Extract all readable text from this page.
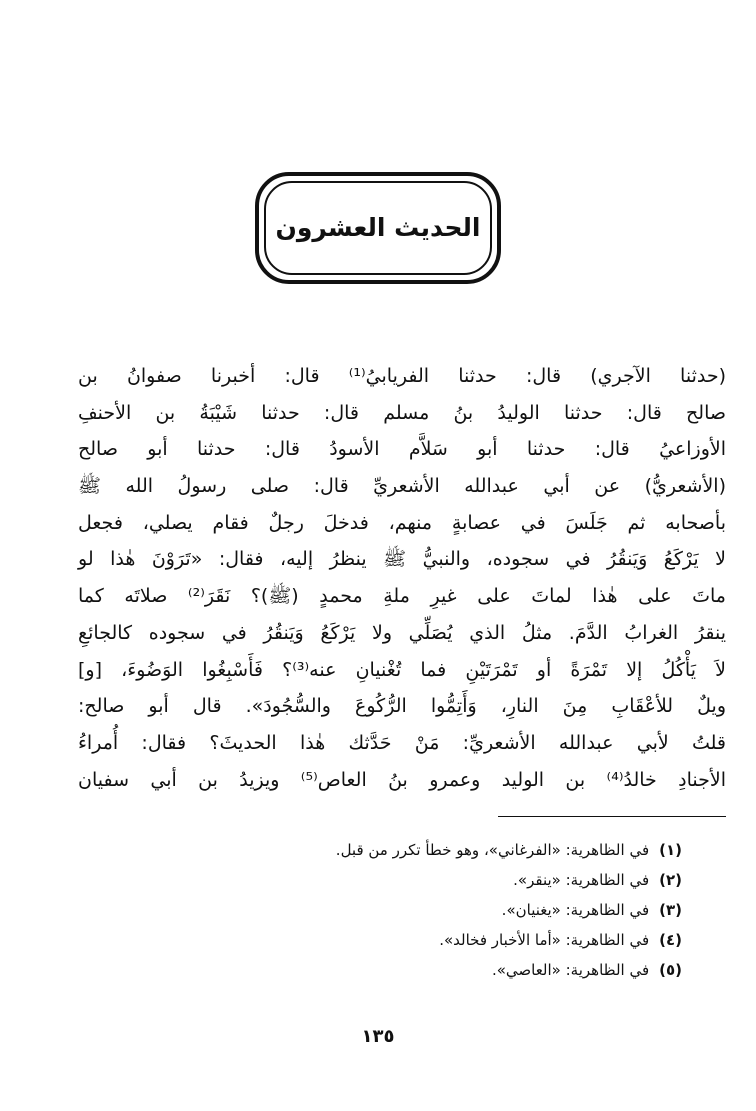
الحديث العشرون
(حدثنا الآجري) قال: حدثنا الفريابيُ⁽¹⁾ قال: أخبرنا صفوانُ بن
صالح قال: حدثنا الوليدُ بنُ مسلم قال: حدثنا شَيْبَةُ بن الأحنفِ
الأوزاعيُ قال: حدثنا أبو سَلاَّم الأسودُ قال: حدثنا أبو صالح
(الأشعريُّ) عن أبي عبدالله الأشعريِّ قال: صلى رسولُ الله ﷺ
بأصحابه ثم جَلَسَ في عصابةٍ منهم، فدخلَ رجلٌ فقام يصلي، فجعل
لا يَرْكَعُ وَيَنقُرُ في سجوده، والنبيُّ ﷺ ينظرُ إليه، فقال: «تَرَوْنَ هٰذا لو
ماتَ على هٰذا لماتَ على غيرِ ملةِ محمدٍ (ﷺ)؟ نَقَرَ⁽²⁾ صلاتَه كما
ينقرُ الغرابُ الدَّمَ. مثلُ الذي يُصَلِّي ولا يَرْكَعُ وَيَنقُرُ في سجوده كالجائعِ
لاَ يَأْكُلُ إلا تَمْرَةً أو تَمْرَتَيْنِ فما تُغْنيانِ عنه⁽³⁾؟ فَأَسْبِغُوا الوَضُوءَ، [و]
ويلٌ للأعْقَابِ مِنَ النارِ، وَأَتِمُّوا الرُّكُوعَ والسُّجُودَ». قال أبو صالح:
قلتُ لأبي عبدالله الأشعريِّ: مَنْ حَدَّثك هٰذا الحديثَ؟ فقال: أُمراءُ
الأجنادِ خالدُ⁽⁴⁾ بن الوليد وعمرو بنُ العاص⁽⁵⁾ ويزيدُ بن أبي سفيان
(١)في الظاهرية: «الفرغاني»، وهو خطأ تكرر من قبل.
(٢)في الظاهرية: «ينقر».
(٣)في الظاهرية: «يغنيان».
(٤)في الظاهرية: «أما الأخبار فخالد».
(٥)في الظاهرية: «العاصي».
١٣٥
